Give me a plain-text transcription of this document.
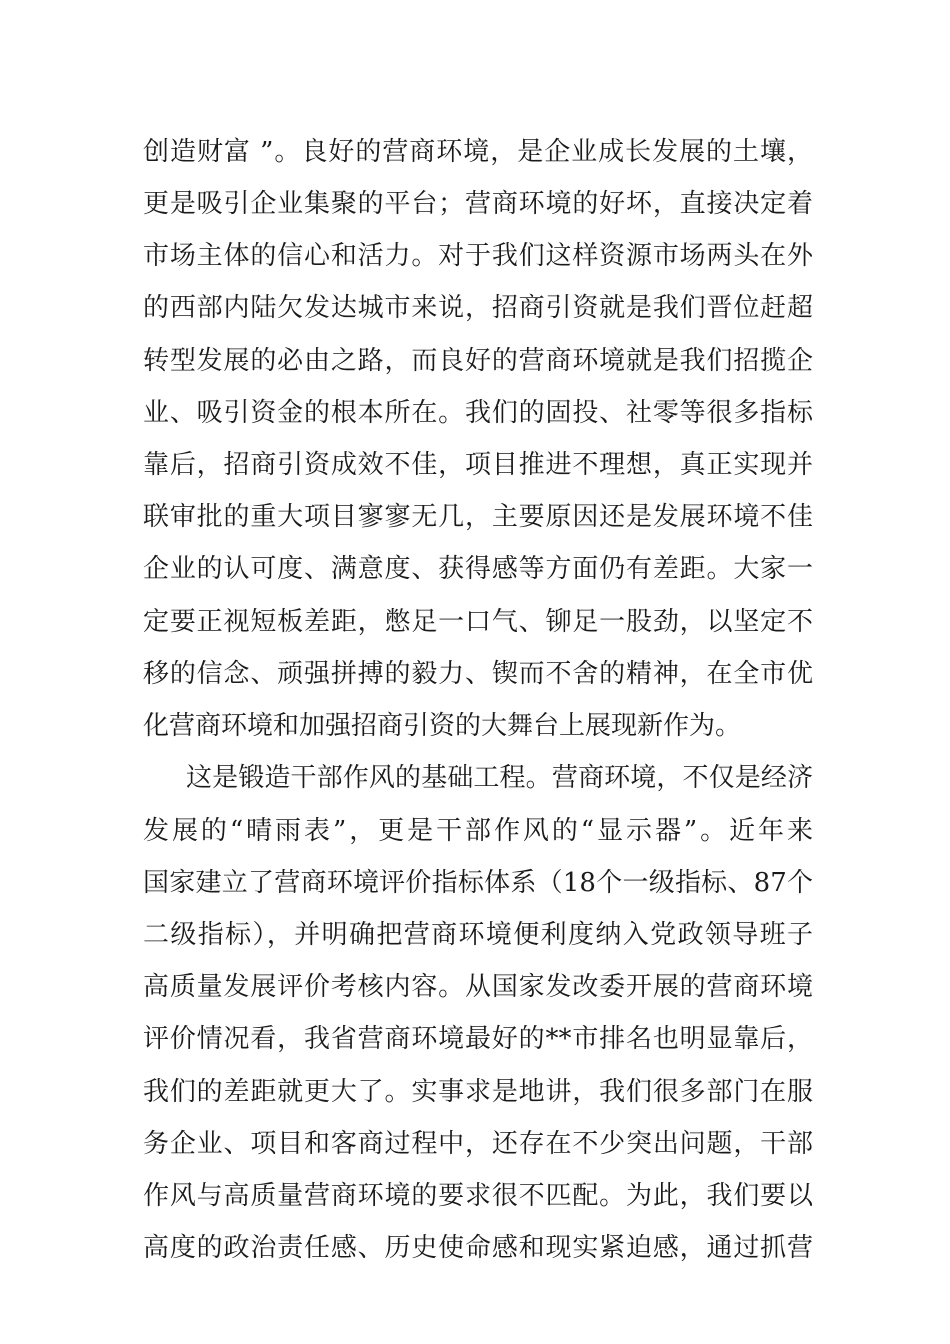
创造财富 ”。良好的营商环境，是企业成长发展的土壤，
更是吸引企业集聚的平台；营商环境的好坏，直接决定着
市场主体的信心和活力。对于我们这样资源市场两头在外
的西部内陆欠发达城市来说，招商引资就是我们晋位赶超
转型发展的必由之路，而良好的营商环境就是我们招揽企
业、吸引资金的根本所在。我们的固投、社零等很多指标
靠后，招商引资成效不佳，项目推进不理想，真正实现并
联审批的重大项目寥寥无几，主要原因还是发展环境不佳
企业的认可度、满意度、获得感等方面仍有差距。大家一
定要正视短板差距，憋足一口气、铆足一股劲，以坚定不
移的信念、顽强拼搏的毅力、锲而不舍的精神，在全市优
化营商环境和加强招商引资的大舞台上展现新作为。
这是锻造干部作风的基础工程。营商环境，不仅是经济
发展的“晴雨表”，更是干部作风的“显示器”。近年来
国家建立了营商环境评价指标体系（18个一级指标、87个
二级指标），并明确把营商环境便利度纳入党政领导班子
高质量发展评价考核内容。从国家发改委开展的营商环境
评价情况看，我省营商环境最好的**市排名也明显靠后，
我们的差距就更大了。实事求是地讲，我们很多部门在服
务企业、项目和客商过程中，还存在不少突出问题，干部
作风与高质量营商环境的要求很不匹配。为此，我们要以
高度的政治责任感、历史使命感和现实紧迫感，通过抓营
